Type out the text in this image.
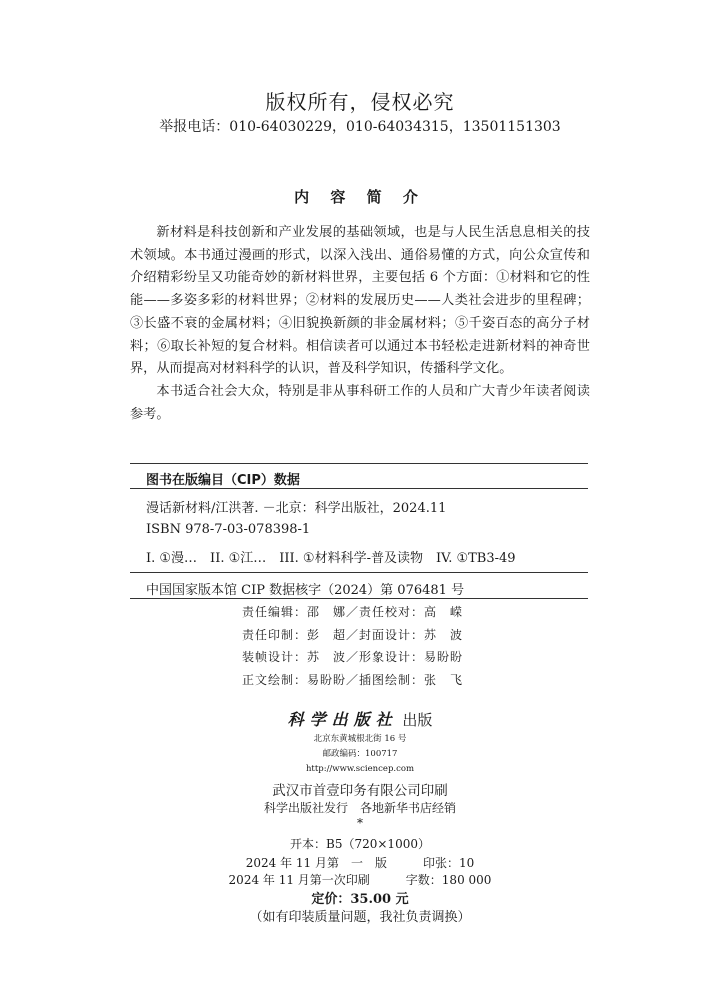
版权所有，侵权必究
举报电话：010-64030229，010-64034315，13501151303
内 容 简 介

新材料是科技创新和产业发展的基础领域，也是与人民生活息息相关的技术领域。本书通过漫画的形式，以深入浅出、通俗易懂的方式，向公众宣传和介绍精彩纷呈又功能奇妙的新材料世界，主要包括 6 个方面：①材料和它的性能——多姿多彩的材料世界；②材料的发展历史——人类社会进步的里程碑；③长盛不衰的金属材料；④旧貌换新颜的非金属材料；⑤千姿百态的高分子材料；⑥取长补短的复合材料。相信读者可以通过本书轻松走进新材料的神奇世界，从而提高对材料科学的认识，普及科学知识，传播科学文化。

本书适合社会大众，特别是非从事科研工作的人员和广大青少年读者阅读参考。

图书在版编目（CIP）数据
漫话新材料/江洪著. －北京：科学出版社，2024.11
ISBN 978-7-03-078398-1
I. ①漫…　II. ①江…　III. ①材料科学-普及读物　IV. ①TB3-49
中国国家版本馆 CIP 数据核字（2024）第 076481 号
责任编辑：邵　娜／责任校对：高　嵘
责任印制：彭　超／封面设计：苏　波
装帧设计：苏　波／形象设计：易盼盼
正文绘制：易盼盼／插图绘制：张　飞
科学出版社 出版
北京东黄城根北街 16 号
邮政编码：100717
http://www.sciencep.com
武汉市首壹印务有限公司印刷
科学出版社发行　各地新华书店经销
*
开本：B5（720×1000）
2024 年 11 月第　一　版　　　印张：10
2024 年 11 月第一次印刷　　　字数：180 000
定价：35.00 元
（如有印装质量问题，我社负责调换）
